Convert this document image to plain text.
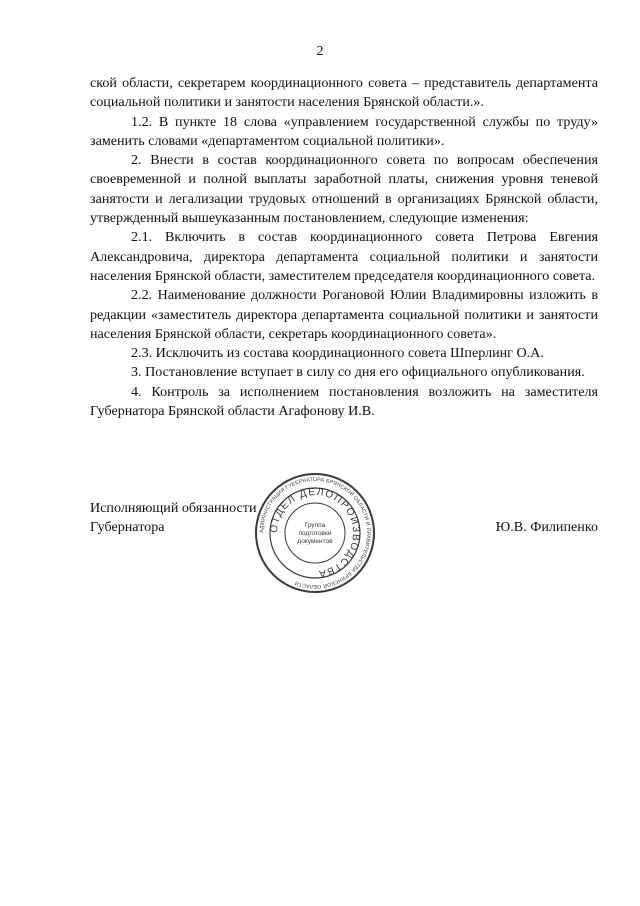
2

ской области, секретарем координационного совета – представитель департамента социальной политики и занятости населения Брянской области.».

1.2. В пункте 18 слова «управлением государственной службы по труду» заменить словами «департаментом социальной политики».

2. Внести в состав координационного совета по вопросам обеспечения своевременной и полной выплаты заработной платы, снижения уровня теневой занятости и легализации трудовых отношений в организациях Брянской области, утвержденный вышеуказанным постановлением, следующие изменения:

2.1. Включить в состав координационного совета Петрова Евгения Александровича, директора департамента социальной политики и занятости населения Брянской области, заместителем председателя координационного совета.

2.2. Наименование должности Рогановой Юлии Владимировны изложить в редакции «заместитель директора департамента социальной политики и занятости населения Брянской области, секретарь координационного совета».

2.3. Исключить из состава координационного совета Шперлинг О.А.

3. Постановление вступает в силу со дня его официального опубликования.

4. Контроль за исполнением постановления возложить на заместителя Губернатора Брянской области Агафонову И.В.

Исполняющий обязанности
Губернатора	Ю.В. Филипенко
АДМИНИСТРАЦИЯ ГУБЕРНАТОРА БРЯНСКОЙ ОБЛАСТИ И ПРАВИТЕЛЬСТВА БРЯНСКОЙ ОБЛАСТИ
ОТДЕЛ ДЕЛОПРОИЗВОДСТВА
Группа
подготовки
документов
